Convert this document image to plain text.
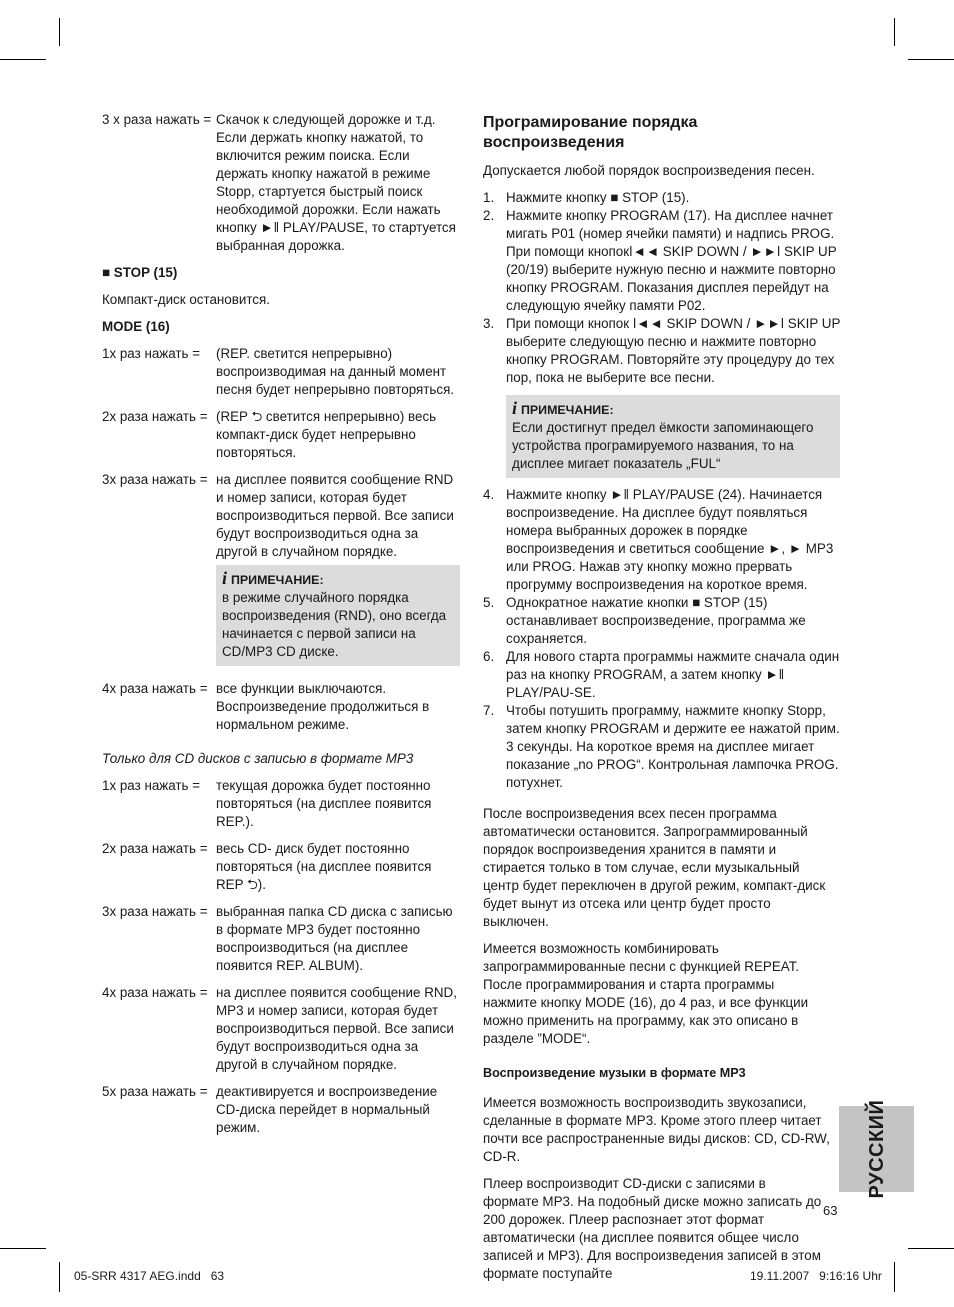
3 x раза нажать = Скачок к следующей дорожке и т.д. Если держать кнопку нажатой, то включится режим поиска. Если держать кнопку нажатой в режиме Stopp, стартуется быстрый поиск необходимой дорожки. Если нажать кнопку ►ǁ PLAY/PAUSE, то стартуется выбранная дорожка.
■ STOP (15)
Компакт-диск остановится.
MODE (16)
1x раз нажать =	(REP. светится непрерывно) воспроизводимая на данный момент песня будет непрерывно повторяться.
2x раза нажать = (REP ⮌ светится непрерывно) весь компакт-диск будет непрерывно повторяться.
3x раза нажать = на дисплее появится сообщение RND и номер записи, которая будет воспроизводиться первой. Все записи будут воспроизводиться одна за другой в случайном порядке.
i ПРИМЕЧАНИЕ:
в режиме случайного порядка воспроизведения (RND), оно всегда начинается с первой записи на CD/MP3 CD диске.
4x раза нажать = все функции выключаются. Воспроизведение продолжиться в нормальном режиме.
Только для CD дисков с записью в формате MP3
1x раз нажать =	текущая дорожка будет постоянно повторяться (на дисплее появится REP.).
2x раза нажать = весь CD- диск будет постоянно повторяться (на дисплее появится REP ⮌).
3x раза нажать = выбранная папка CD диска с записью в формате MP3 будет постоянно воспроизводиться (на дисплее появится REP. ALBUM).
4x раза нажать = на дисплее появится сообщение RND, MP3 и номер записи, которая будет воспроизводиться первой. Все записи будут воспроизводиться одна за другой в случайном порядке.
5x раза нажать = деактивируется и воспроизведение CD-диска перейдет в нормальный режим.
Програмирование порядка воспроизведения
Допускается любой порядок воспроизведения песен.
1. Нажмите кнопку ■ STOP (15).
2. Нажмите кнопку PROGRAM (17). На дисплее начнет мигать P01 (номер ячейки памяти) и надпись PROG. При помощи кнопокǀ◄◄ SKIP DOWN / ►►ǀ SKIP UP (20/19) выберите нужную песню и нажмите повторно кнопку PROGRAM. Показания дисплея перейдут на следующую ячейку памяти P02.
3. При помощи кнопок ǀ◄◄ SKIP DOWN / ►►ǀ SKIP UP выберите следующую песню и нажмите повторно кнопку PROGRAM. Повторяйте эту процедуру до тех пор, пока не выберите все песни.
i ПРИМЕЧАНИЕ:
Если достигнут предел ёмкости запоминающего устройства програмируемого названия, то на дисплее мигает показатель „FUL“
4. Нажмите кнопку ►ǁ PLAY/PAUSE (24). Начинается воспроизведение. На дисплее будут появляться номера выбранных дорожек в порядке воспроизведения и светиться сообщение ►, ► MP3 или PROG. Нажав эту кнопку можно прервать прогрумму воспроизведения на короткое время.
5. Однократное нажатие кнопки ■ STOP (15) останавливает воспроизведение, программа же сохраняется.
6. Для нового старта программы нажмите сначала один раз на кнопку PROGRAM, а затем кнопку ►ǁ PLAY/PAU-SE.
7. Чтобы потушить программу, нажмите кнопку Stopp, затем кнопку PROGRAM и держите ее нажатой прим. 3 секунды. На короткое время на дисплее мигает показание „no PROG“. Контрольная лампочка PROG. потухнет.
После воспроизведения всех песен программа автоматически остановится. Запрограммированный порядок воспроизведения хранится в памяти и стирается только в том случае, если музыкальный центр будет переключен в другой режим, компакт-диск будет вынут из отсека или центр будет просто выключен.
Имеется возможность комбинировать запрограммированные песни с функцией REPEAT. После программирования и старта программы нажмите кнопку MODE (16), до 4 раз, и все функции можно применить на программу, как это описано в разделе ”MODE“.
Воспроизведение музыки в формате MP3
Имеется возможность воспроизводить звукозаписи, сделанные в формате MP3. Кроме этого плеер читает почти все распространенные виды дисков: CD, CD-RW, CD-R.
Плеер воспроизводит CD-диски с записями в формате MP3. На подобный диске можно записать до 200 дорожек. Плеер распознает этот формат автоматически (на дисплее появится общее число записей и MP3). Для воспроизведения записей в этом формате поступайте
РУССКИЙ
63
05-SRR 4317 AEG.indd   63	19.11.2007   9:16:16 Uhr
